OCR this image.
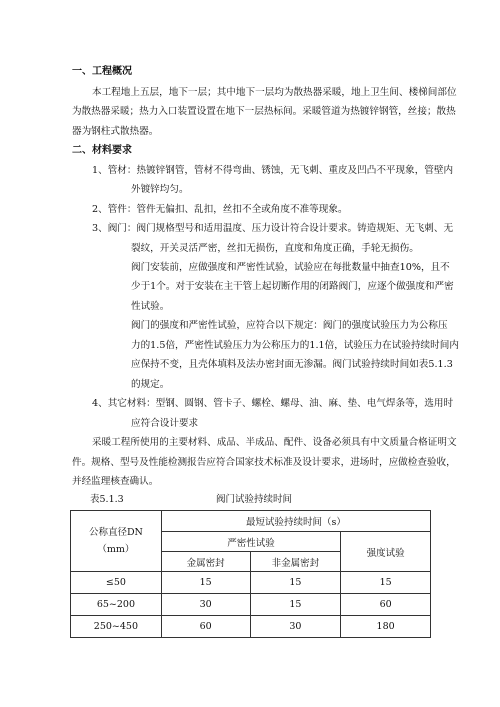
一、工程概况
本工程地上五层，地下一层；其中地下一层均为散热器采暖，地上卫生间、楼梯间部位
为散热器采暖；热力入口装置设置在地下一层热标间。采暖管道为热镀锌钢管，丝接；散热
器为钢柱式散热器。
二、材料要求
1、管材：热镀锌钢管，管材不得弯曲、锈蚀，无飞刺、重皮及凹凸不平现象，管壁内
外镀锌均匀。
2、管件：管件无偏扣、乱扣，丝扣不全或角度不准等现象。
3、阀门：阀门规格型号和适用温度、压力设计符合设计要求。铸造规矩、无飞刺、无
裂纹，开关灵活严密，丝扣无损伤，直度和角度正确，手轮无损伤。
阀门安装前，应做强度和严密性试验，试验应在每批数量中抽查10%，且不
少于1个。对于安装在主干管上起切断作用的闭路阀门，应逐个做强度和严密
性试验。
阀门的强度和严密性试验，应符合以下规定：阀门的强度试验压力为公称压
力的1.5倍，严密性试验压力为公称压力的1.1倍，试验压力在试验持续时间内
应保持不变，且壳体填料及法办密封面无渗漏。阀门试验持续时间如表5.1.3
的规定。
4、其它材料：型钢、圆钢、管卡子、螺栓、螺母、油、麻、垫、电气焊条等，选用时
应符合设计要求
采暖工程所使用的主要材料、成品、半成品、配件、设备必须具有中文质量合格证明文
件。规格、型号及性能检测报告应符合国家技术标准及设计要求，进场时，应做检查验收，
并经监理核查确认。
表5.1.3	阀门试验持续时间
公称直径DN
（mm）	最短试验持续时间（s）		
	严密性试验		强度试验
	金属密封	非金属密封	
≤50	15	15	15
65~200	30	15	60
250~450	60	30	180
